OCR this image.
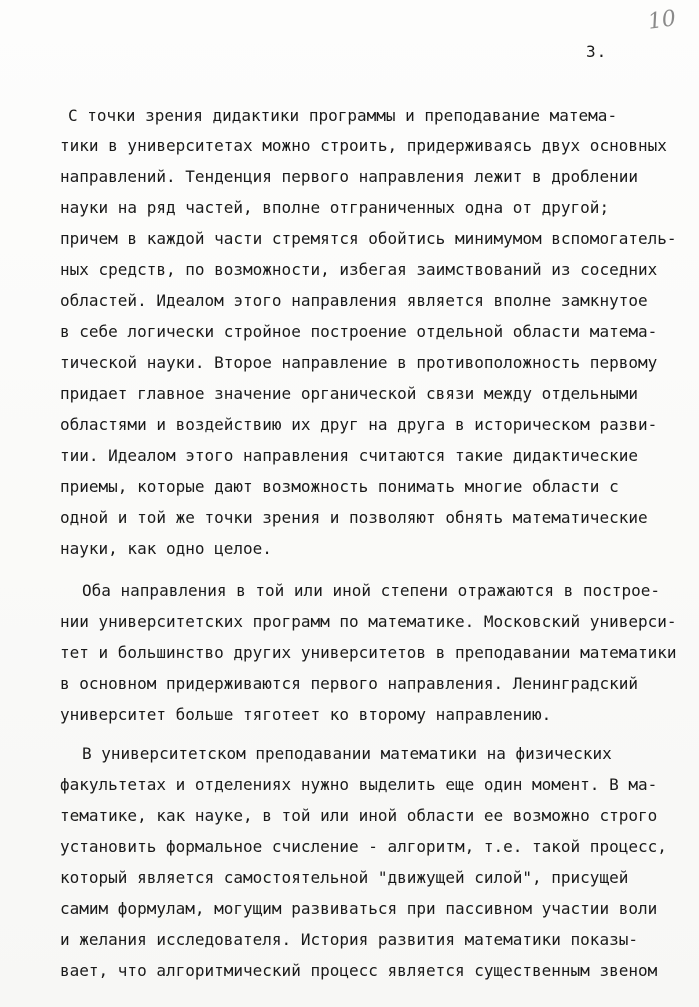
10
3.
С точки зрения дидактики программы и преподавание матема-
тики в университетах можно строить, придерживаясь двух основных
направлений. Тенденция первого направления лежит в дроблении
науки на ряд частей, вполне отграниченных одна от другой;
причем в каждой части стремятся обойтись минимумом вспомогатель-
ных средств, по возможности, избегая заимствований из соседних
областей. Идеалом этого направления является вполне замкнутое
в себе логически стройное построение отдельной области матема-
тической науки. Второе направление в противоположность первому
придает главное значение органической связи между отдельными
областями и воздействию их друг на друга в историческом разви-
тии. Идеалом этого направления считаются такие дидактические
приемы, которые дают возможность понимать многие области с
одной и той же точки зрения и позволяют обнять математические
науки, как одно целое.
Оба направления в той или иной степени отражаются в построе-
нии университетских программ по математике. Московский универси-
тет и большинство других университетов в преподавании математики
в основном придерживаются первого направления. Ленинградский
университет больше тяготеет ко второму направлению.
В университетском преподавании математики на физических
факультетах и отделениях нужно выделить еще один момент. В ма-
тематике, как науке, в той или иной области ее возможно строго
установить формальное счисление - алгоритм, т.е. такой процесс,
который является самостоятельной "движущей силой", присущей
самим формулам, могущим развиваться при пассивном участии воли
и желания исследователя. История развития математики показы-
вает, что алгоритмический процесс является существенным звеном
